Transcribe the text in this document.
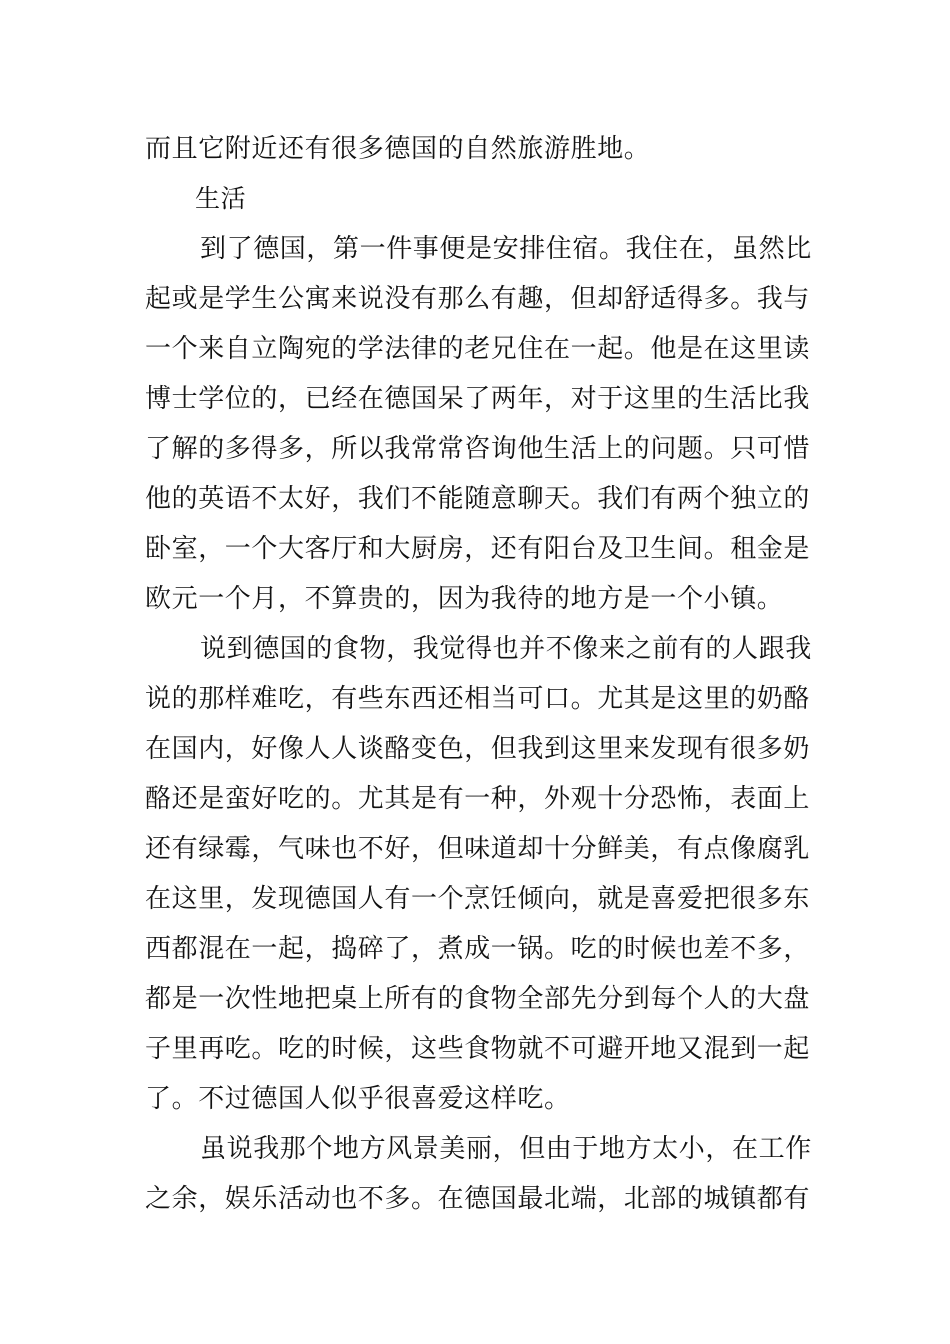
而且它附近还有很多德国的自然旅游胜地。
生活
到了德国，第一件事便是安排住宿。我住在，虽然比
起或是学生公寓来说没有那么有趣，但却舒适得多。我与
一个来自立陶宛的学法律的老兄住在一起。他是在这里读
博士学位的，已经在德国呆了两年，对于这里的生活比我
了解的多得多，所以我常常咨询他生活上的问题。只可惜
他的英语不太好，我们不能随意聊天。我们有两个独立的
卧室，一个大客厅和大厨房，还有阳台及卫生间。租金是
欧元一个月，不算贵的，因为我待的地方是一个小镇。
说到德国的食物，我觉得也并不像来之前有的人跟我
说的那样难吃，有些东西还相当可口。尤其是这里的奶酪
在国内，好像人人谈酪变色，但我到这里来发现有很多奶
酪还是蛮好吃的。尤其是有一种，外观十分恐怖，表面上
还有绿霉，气味也不好，但味道却十分鲜美，有点像腐乳
在这里，发现德国人有一个烹饪倾向，就是喜爱把很多东
西都混在一起，捣碎了，煮成一锅。吃的时候也差不多，
都是一次性地把桌上所有的食物全部先分到每个人的大盘
子里再吃。吃的时候，这些食物就不可避开地又混到一起
了。不过德国人似乎很喜爱这样吃。
虽说我那个地方风景美丽，但由于地方太小，在工作
之余，娱乐活动也不多。在德国最北端，北部的城镇都有
